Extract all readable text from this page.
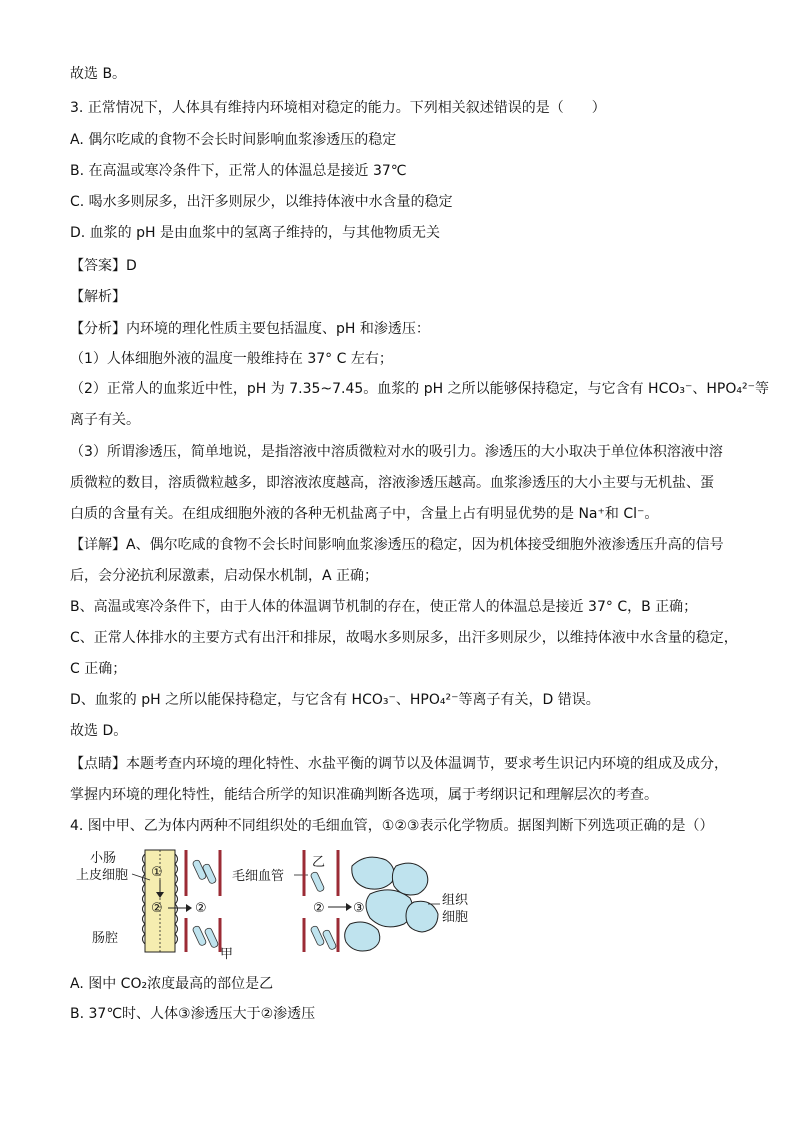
故选 B。
3. 正常情况下，人体具有维持内环境相对稳定的能力。下列相关叙述错误的是（　　）
A. 偶尔吃咸的食物不会长时间影响血浆渗透压的稳定
B. 在高温或寒冷条件下，正常人的体温总是接近 37℃
C. 喝水多则尿多，出汗多则尿少，以维持体液中水含量的稳定
D. 血浆的 pH 是由血浆中的氢离子维持的，与其他物质无关
【答案】D
【解析】
【分析】内环境的理化性质主要包括温度、pH 和渗透压：
（1）人体细胞外液的温度一般维持在 37° C 左右；
（2）正常人的血浆近中性，pH 为 7.35~7.45。血浆的 pH 之所以能够保持稳定，与它含有 HCO₃⁻、HPO₄²⁻等
离子有关。
（3）所谓渗透压，简单地说，是指溶液中溶质微粒对水的吸引力。渗透压的大小取决于单位体积溶液中溶
质微粒的数目，溶质微粒越多，即溶液浓度越高，溶液渗透压越高。血浆渗透压的大小主要与无机盐、蛋
白质的含量有关。在组成细胞外液的各种无机盐离子中，含量上占有明显优势的是 Na⁺和 Cl⁻。
【详解】A、偶尔吃咸的食物不会长时间影响血浆渗透压的稳定，因为机体接受细胞外液渗透压升高的信号
后，会分泌抗利尿激素，启动保水机制，A 正确；
B、高温或寒冷条件下，由于人体的体温调节机制的存在，使正常人的体温总是接近 37° C，B 正确；
C、正常人体排水的主要方式有出汗和排尿，故喝水多则尿多，出汗多则尿少，以维持体液中水含量的稳定，
C 正确；
D、血浆的 pH 之所以能保持稳定，与它含有 HCO₃⁻、HPO₄²⁻等离子有关，D 错误。
故选 D。
【点睛】本题考查内环境的理化特性、水盐平衡的调节以及体温调节，要求考生识记内环境的组成及成分，
掌握内环境的理化特性，能结合所学的知识准确判断各选项，属于考纲识记和理解层次的考查。
4. 图中甲、乙为体内两种不同组织处的毛细血管，①②③表示化学物质。据图判断下列选项正确的是（）
小肠
上皮细胞
肠腔
①
② ②
甲
毛细血管
乙
② ③
组织
细胞
A. 图中 CO₂浓度最高的部位是乙
B. 37℃时、人体③渗透压大于②渗透压
